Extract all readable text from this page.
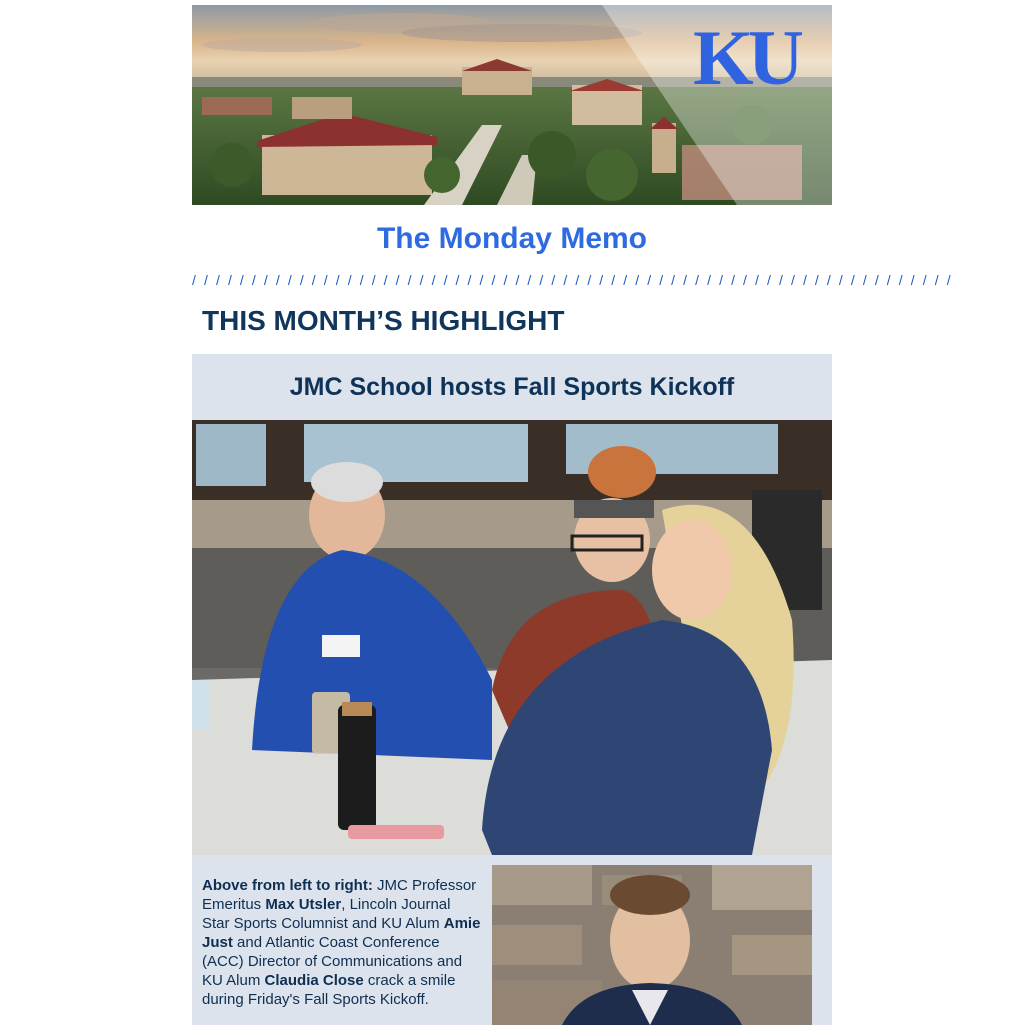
KU
The Monday Memo
/ / / / / / / / / / / / / / / / / / / / / / / / / / / / / / / / / / / / / / / / / / / / / / / / / / / / / / / / / / / / / / / /
THIS MONTH’S HIGHLIGHT
JMC School hosts Fall Sports Kickoff
Above from left to right: JMC Professor Emeritus Max Utsler, Lincoln Journal Star Sports Columnist and KU Alum Amie Just and Atlantic Coast Conference (ACC) Director of Communications and KU Alum Claudia Close crack a smile during Friday's Fall Sports Kickoff.
